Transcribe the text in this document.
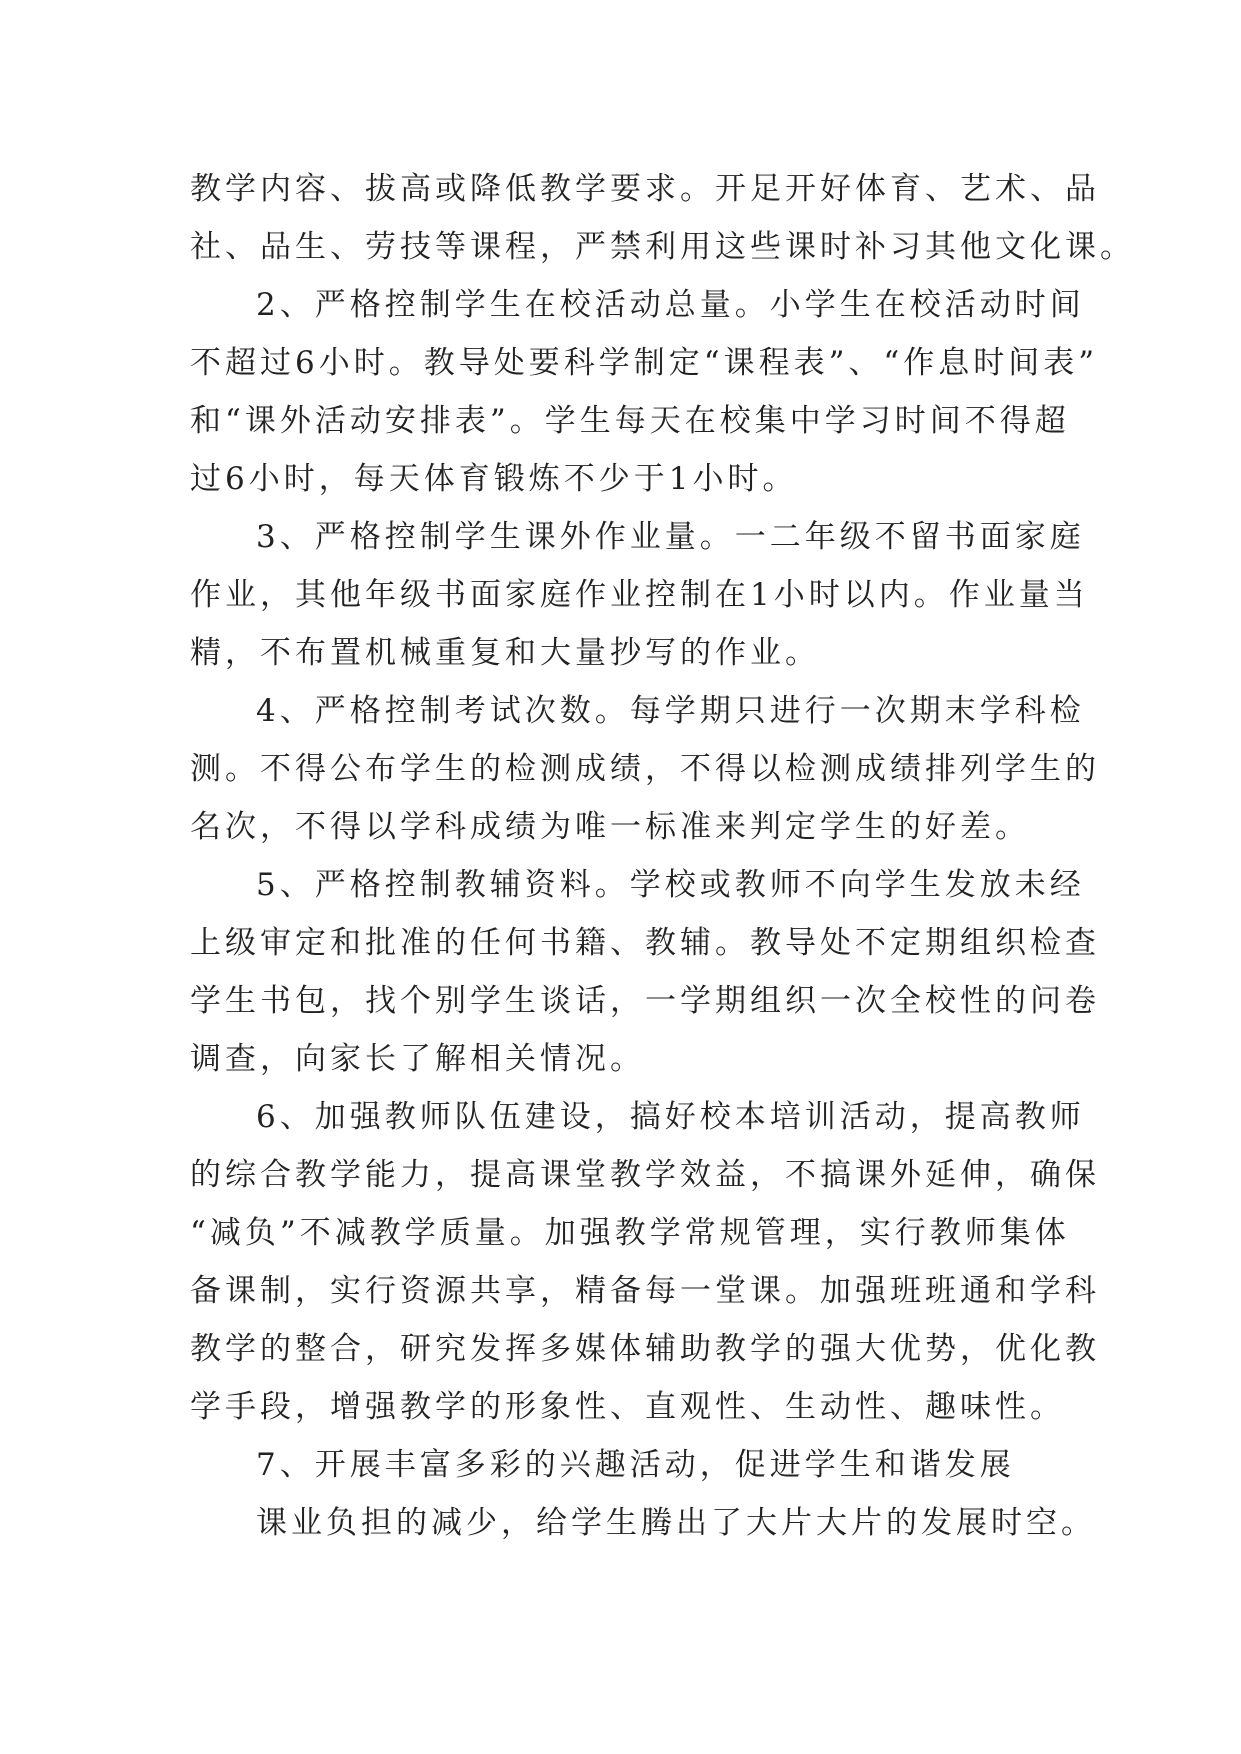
教学内容、拔高或降低教学要求。开足开好体育、艺术、品

社、品生、劳技等课程，严禁利用这些课时补习其他文化课。

2、严格控制学生在校活动总量。小学生在校活动时间

不超过6小时。教导处要科学制定“课程表”、“作息时间表”

和“课外活动安排表”。学生每天在校集中学习时间不得超

过6小时，每天体育锻炼不少于1小时。

3、严格控制学生课外作业量。一二年级不留书面家庭

作业，其他年级书面家庭作业控制在1小时以内。作业量当

精，不布置机械重复和大量抄写的作业。

4、严格控制考试次数。每学期只进行一次期末学科检

测。不得公布学生的检测成绩，不得以检测成绩排列学生的

名次，不得以学科成绩为唯一标准来判定学生的好差。

5、严格控制教辅资料。学校或教师不向学生发放未经

上级审定和批准的任何书籍、教辅。教导处不定期组织检查

学生书包，找个别学生谈话，一学期组织一次全校性的问卷

调查，向家长了解相关情况。

6、加强教师队伍建设，搞好校本培训活动，提高教师

的综合教学能力，提高课堂教学效益，不搞课外延伸，确保

“减负”不减教学质量。加强教学常规管理，实行教师集体

备课制，实行资源共享，精备每一堂课。加强班班通和学科

教学的整合，研究发挥多媒体辅助教学的强大优势，优化教

学手段，增强教学的形象性、直观性、生动性、趣味性。

7、开展丰富多彩的兴趣活动，促进学生和谐发展

课业负担的减少，给学生腾出了大片大片的发展时空。
